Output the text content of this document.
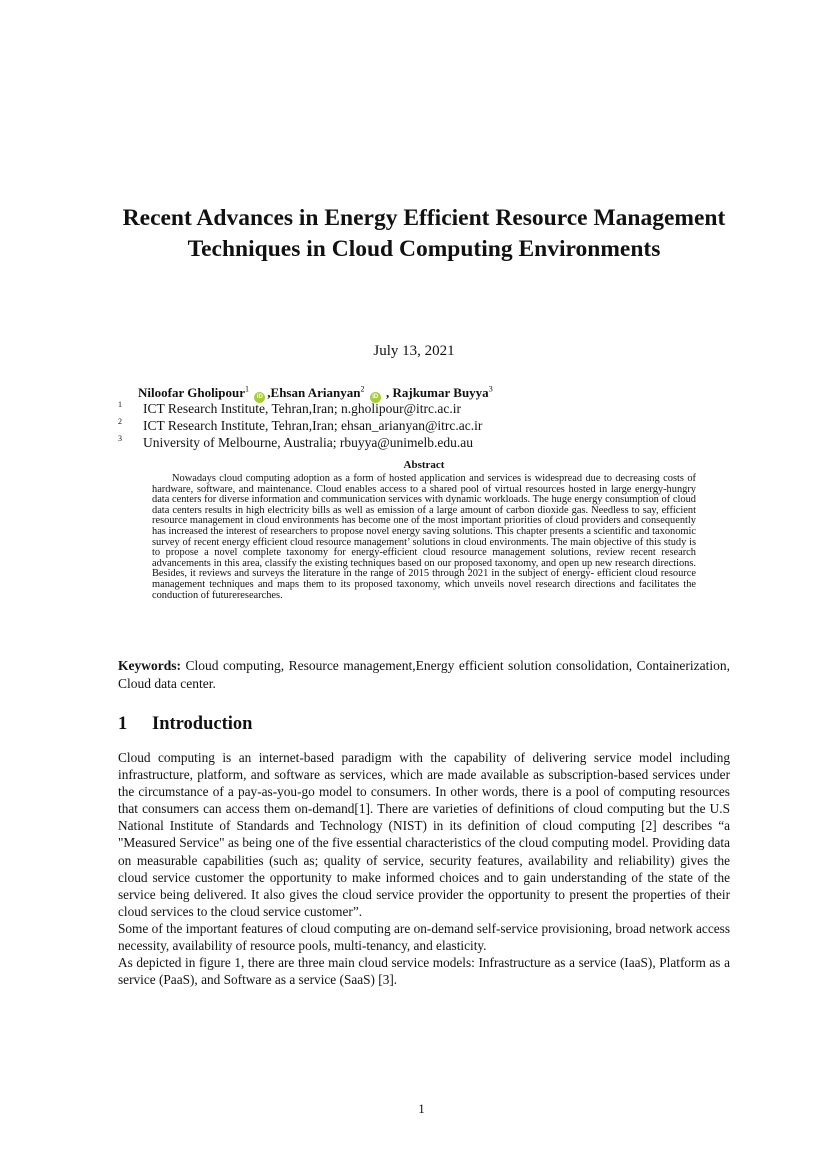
Recent Advances in Energy Efficient Resource Management Techniques in Cloud Computing Environments
July 13, 2021
Niloofar Gholipour$^1$ iD ,Ehsan Arianyan$^2$ iD , Rajkumar Buyya$^3$
1 ICT Research Institute, Tehran,Iran; n.gholipour@itrc.ac.ir
2 ICT Research Institute, Tehran,Iran; ehsan_arianyan@itrc.ac.ir
3 University of Melbourne, Australia; rbuyya@unimelb.edu.au
Abstract

Nowadays cloud computing adoption as a form of hosted application and services is widespread due to decreasing costs of hardware, software, and maintenance. Cloud enables access to a shared pool of virtual resources hosted in large energy-hungry data centers for diverse information and communication services with dynamic workloads. The huge energy consumption of cloud data centers results in high electricity bills as well as emission of a large amount of carbon dioxide gas. Needless to say, efficient resource management in cloud environments has become one of the most important priorities of cloud providers and consequently has increased the interest of researchers to propose novel energy saving solutions. This chapter presents a scientific and taxonomic survey of recent energy efficient cloud resource management’ solutions in cloud environments. The main objective of this study is to propose a novel complete taxonomy for energy-efficient cloud resource management solutions, review recent research advancements in this area, classify the existing techniques based on our proposed taxonomy, and open up new research directions. Besides, it reviews and surveys the literature in the range of 2015 through 2021 in the subject of energy- efficient cloud resource management techniques and maps them to its proposed taxonomy, which unveils novel research directions and facilitates the conduction of futureresearches.

Keywords: Cloud computing, Resource management,Energy efficient solution consolidation, Containerization, Cloud data center.

1 Introduction

Cloud computing is an internet-based paradigm with the capability of delivering service model including infrastructure, platform, and software as services, which are made available as subscription-based services under the circumstance of a pay-as-you-go model to consumers. In other words, there is a pool of computing resources that consumers can access them on-demand[1]. There are varieties of definitions of cloud computing but the U.S National Institute of Standards and Technology (NIST) in its definition of cloud computing [2] describes “a "Measured Service" as being one of the five essential characteristics of the cloud computing model. Providing data on measurable capabilities (such as; quality of service, security features, availability and reliability) gives the cloud service customer the opportunity to make informed choices and to gain understanding of the state of the service being delivered. It also gives the cloud service provider the opportunity to present the properties of their cloud services to the cloud service customer”.

Some of the important features of cloud computing are on-demand self-service provisioning, broad network access necessity, availability of resource pools, multi-tenancy, and elasticity.

As depicted in figure 1, there are three main cloud service models: Infrastructure as a service (IaaS), Platform as a service (PaaS), and Software as a service (SaaS) [3].

1
